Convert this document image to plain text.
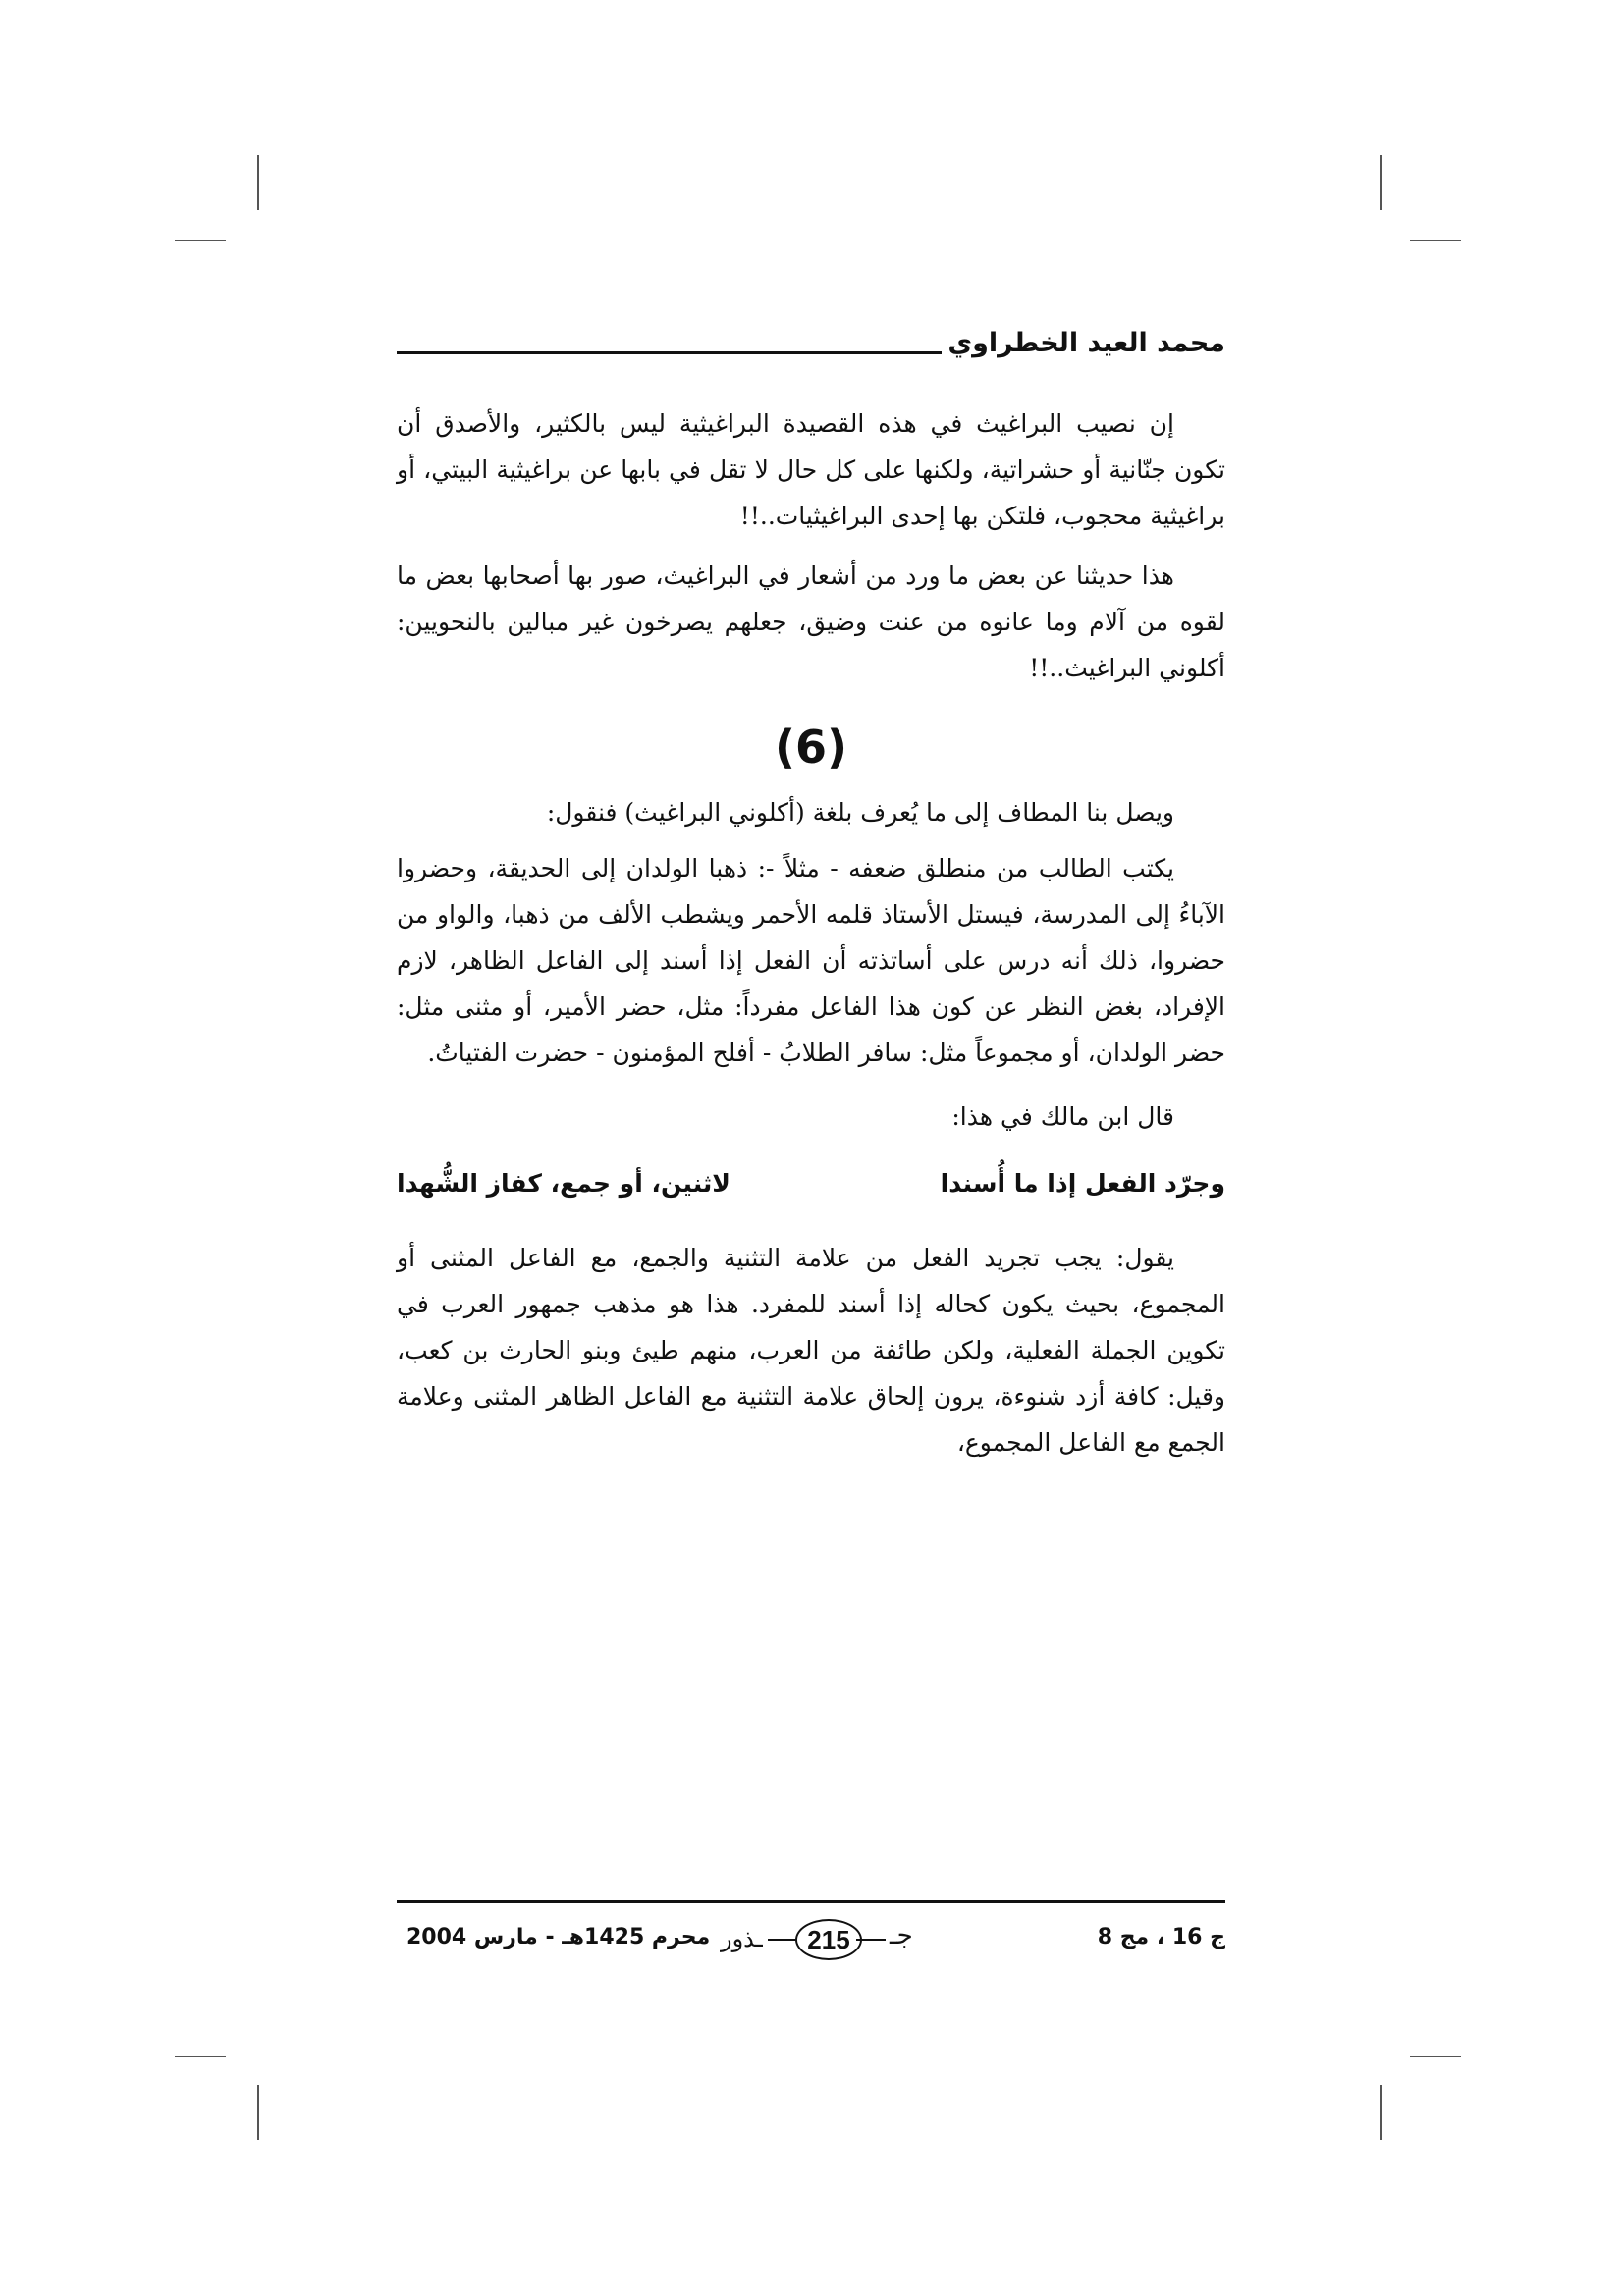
محمد العيد الخطراوي

إن نصيب البراغيث في هذه القصيدة البراغيثية ليس بالكثير، والأصدق أن تكون جنّانية أو حشراتية، ولكنها على كل حال لا تقل في بابها عن براغيثية البيتي، أو براغيثية محجوب، فلتكن بها إحدى البراغيثيات..!!

هذا حديثنا عن بعض ما ورد من أشعار في البراغيث، صور بها أصحابها بعض ما لقوه من آلام وما عانوه من عنت وضيق، جعلهم يصرخون غير مبالين بالنحويين: أكلوني البراغيث..!!

(6)

ويصل بنا المطاف إلى ما يُعرف بلغة (أكلوني البراغيث) فنقول:

يكتب الطالب من منطلق ضعفه - مثلاً -: ذهبا الولدان إلى الحديقة، وحضروا الآباءُ إلى المدرسة، فيستل الأستاذ قلمه الأحمر ويشطب الألف من ذهبا، والواو من حضروا، ذلك أنه درس على أساتذته أن الفعل إذا أسند إلى الفاعل الظاهر، لازم الإفراد، بغض النظر عن كون هذا الفاعل مفرداً: مثل، حضر الأمير، أو مثنى مثل: حضر الولدان، أو مجموعاً مثل: سافر الطلابُ - أفلح المؤمنون - حضرت الفتياتُ.

قال ابن مالك في هذا:

وجرّد الفعل إذا ما أُسندا
لاثنين، أو جمع، كفاز الشُّهدا

يقول: يجب تجريد الفعل من علامة التثنية والجمع، مع الفاعل المثنى أو المجموع، بحيث يكون كحاله إذا أسند للمفرد. هذا هو مذهب جمهور العرب في تكوين الجملة الفعلية، ولكن طائفة من العرب، منهم طيئ وبنو الحارث بن كعب، وقيل: كافة أزد شنوءة، يرون إلحاق علامة التثنية مع الفاعل الظاهر المثنى وعلامة الجمع مع الفاعل المجموع،

ج 16 ، مج 8
جـ
215
ـذور
محرم 1425هـ - مارس 2004
